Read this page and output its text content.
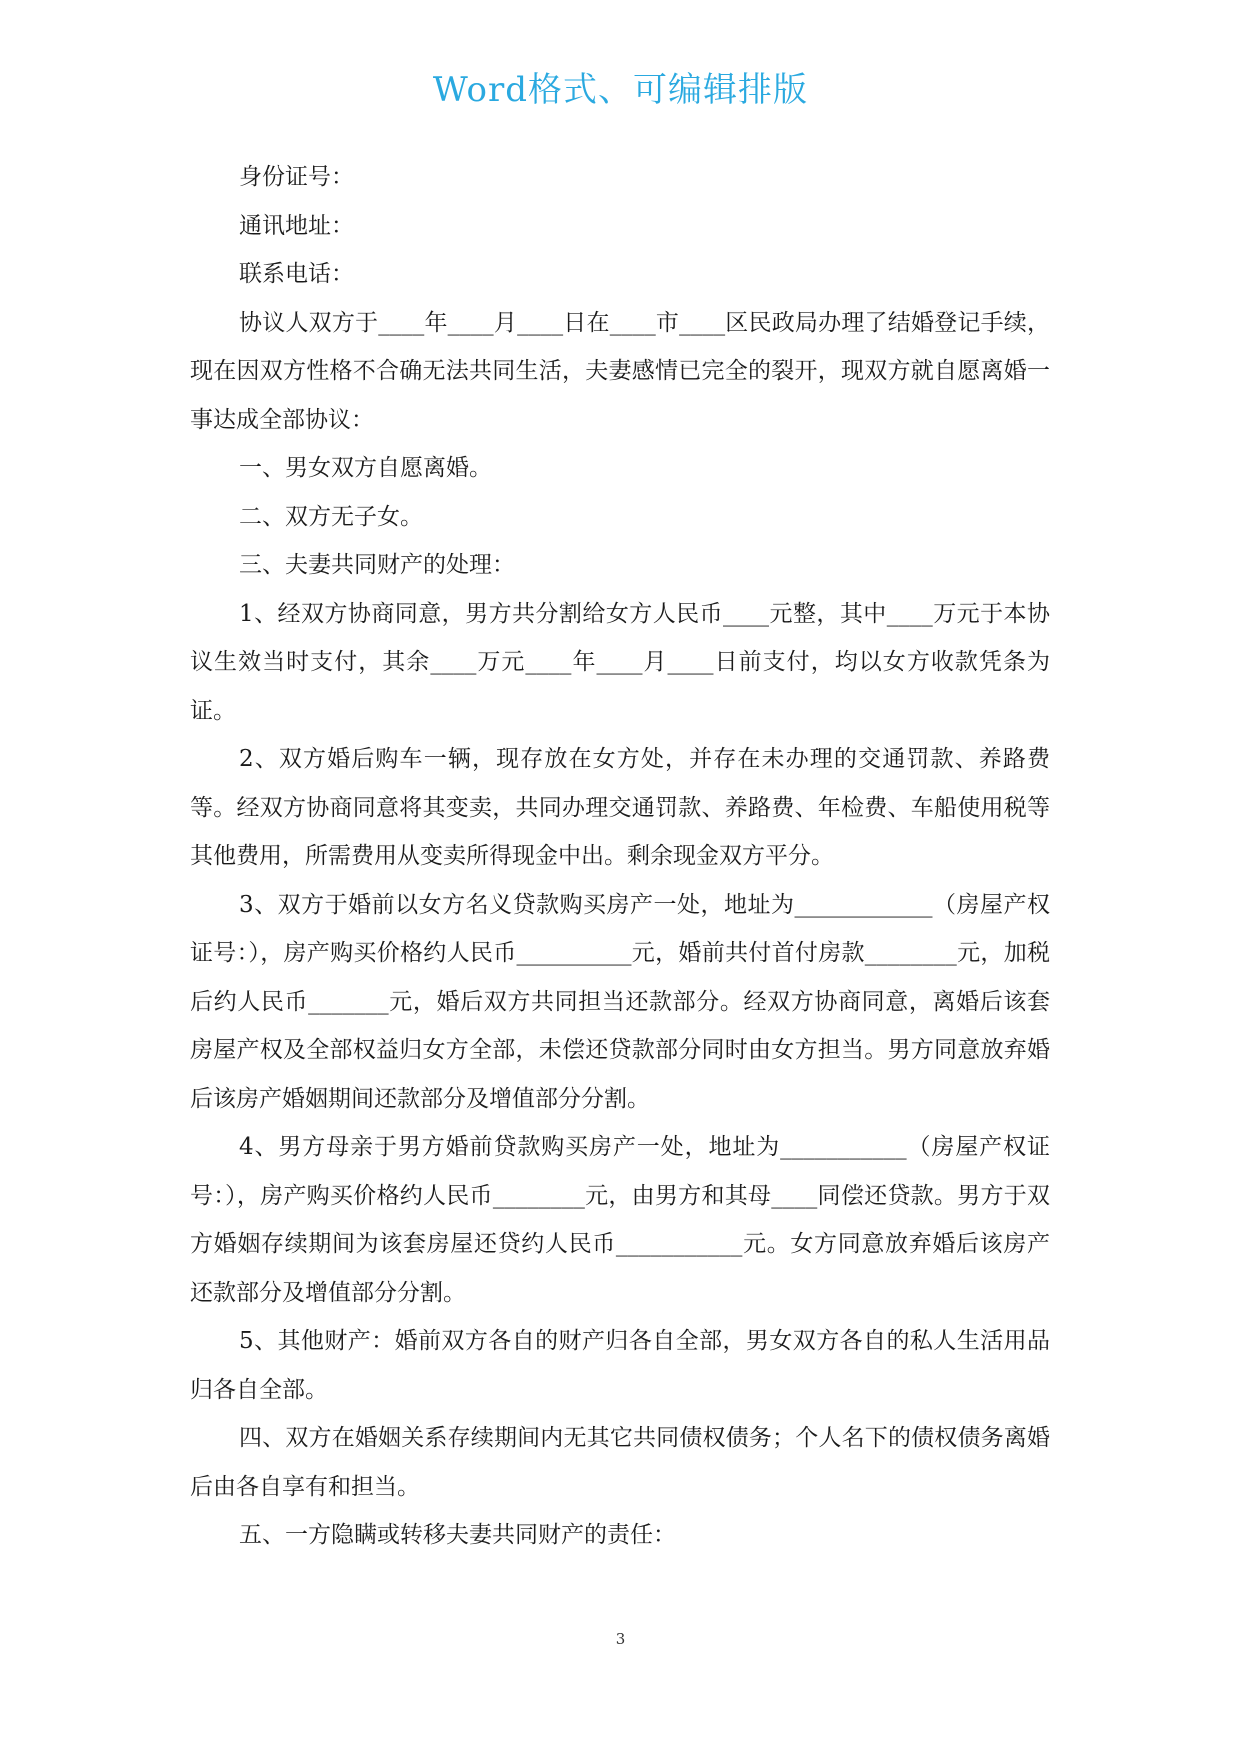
Word格式、可编辑排版

身份证号：

通讯地址：

联系电话：

协议人双方于____年____月____日在____市____区民政局办理了结婚登记手续，现在因双方性格不合确无法共同生活，夫妻感情已完全的裂开，现双方就自愿离婚一事达成全部协议：

一、男女双方自愿离婚。

二、双方无子女。

三、夫妻共同财产的处理：

1、经双方协商同意，男方共分割给女方人民币____元整，其中____万元于本协议生效当时支付，其余____万元____年____月____日前支付，均以女方收款凭条为证。

2、双方婚后购车一辆，现存放在女方处，并存在未办理的交通罚款、养路费等。经双方协商同意将其变卖，共同办理交通罚款、养路费、年检费、车船使用税等其他费用，所需费用从变卖所得现金中出。剩余现金双方平分。

3、双方于婚前以女方名义贷款购买房产一处，地址为____________（房屋产权证号：），房产购买价格约人民币__________元，婚前共付首付房款________元，加税后约人民币_______元，婚后双方共同担当还款部分。经双方协商同意，离婚后该套房屋产权及全部权益归女方全部，未偿还贷款部分同时由女方担当。男方同意放弃婚后该房产婚姻期间还款部分及增值部分分割。

4、男方母亲于男方婚前贷款购买房产一处，地址为___________（房屋产权证号：），房产购买价格约人民币________元，由男方和其母____同偿还贷款。男方于双方婚姻存续期间为该套房屋还贷约人民币___________元。女方同意放弃婚后该房产还款部分及增值部分分割。

5、其他财产：婚前双方各自的财产归各自全部，男女双方各自的私人生活用品归各自全部。

四、双方在婚姻关系存续期间内无其它共同债权债务；个人名下的债权债务离婚后由各自享有和担当。

五、一方隐瞒或转移夫妻共同财产的责任：

3
